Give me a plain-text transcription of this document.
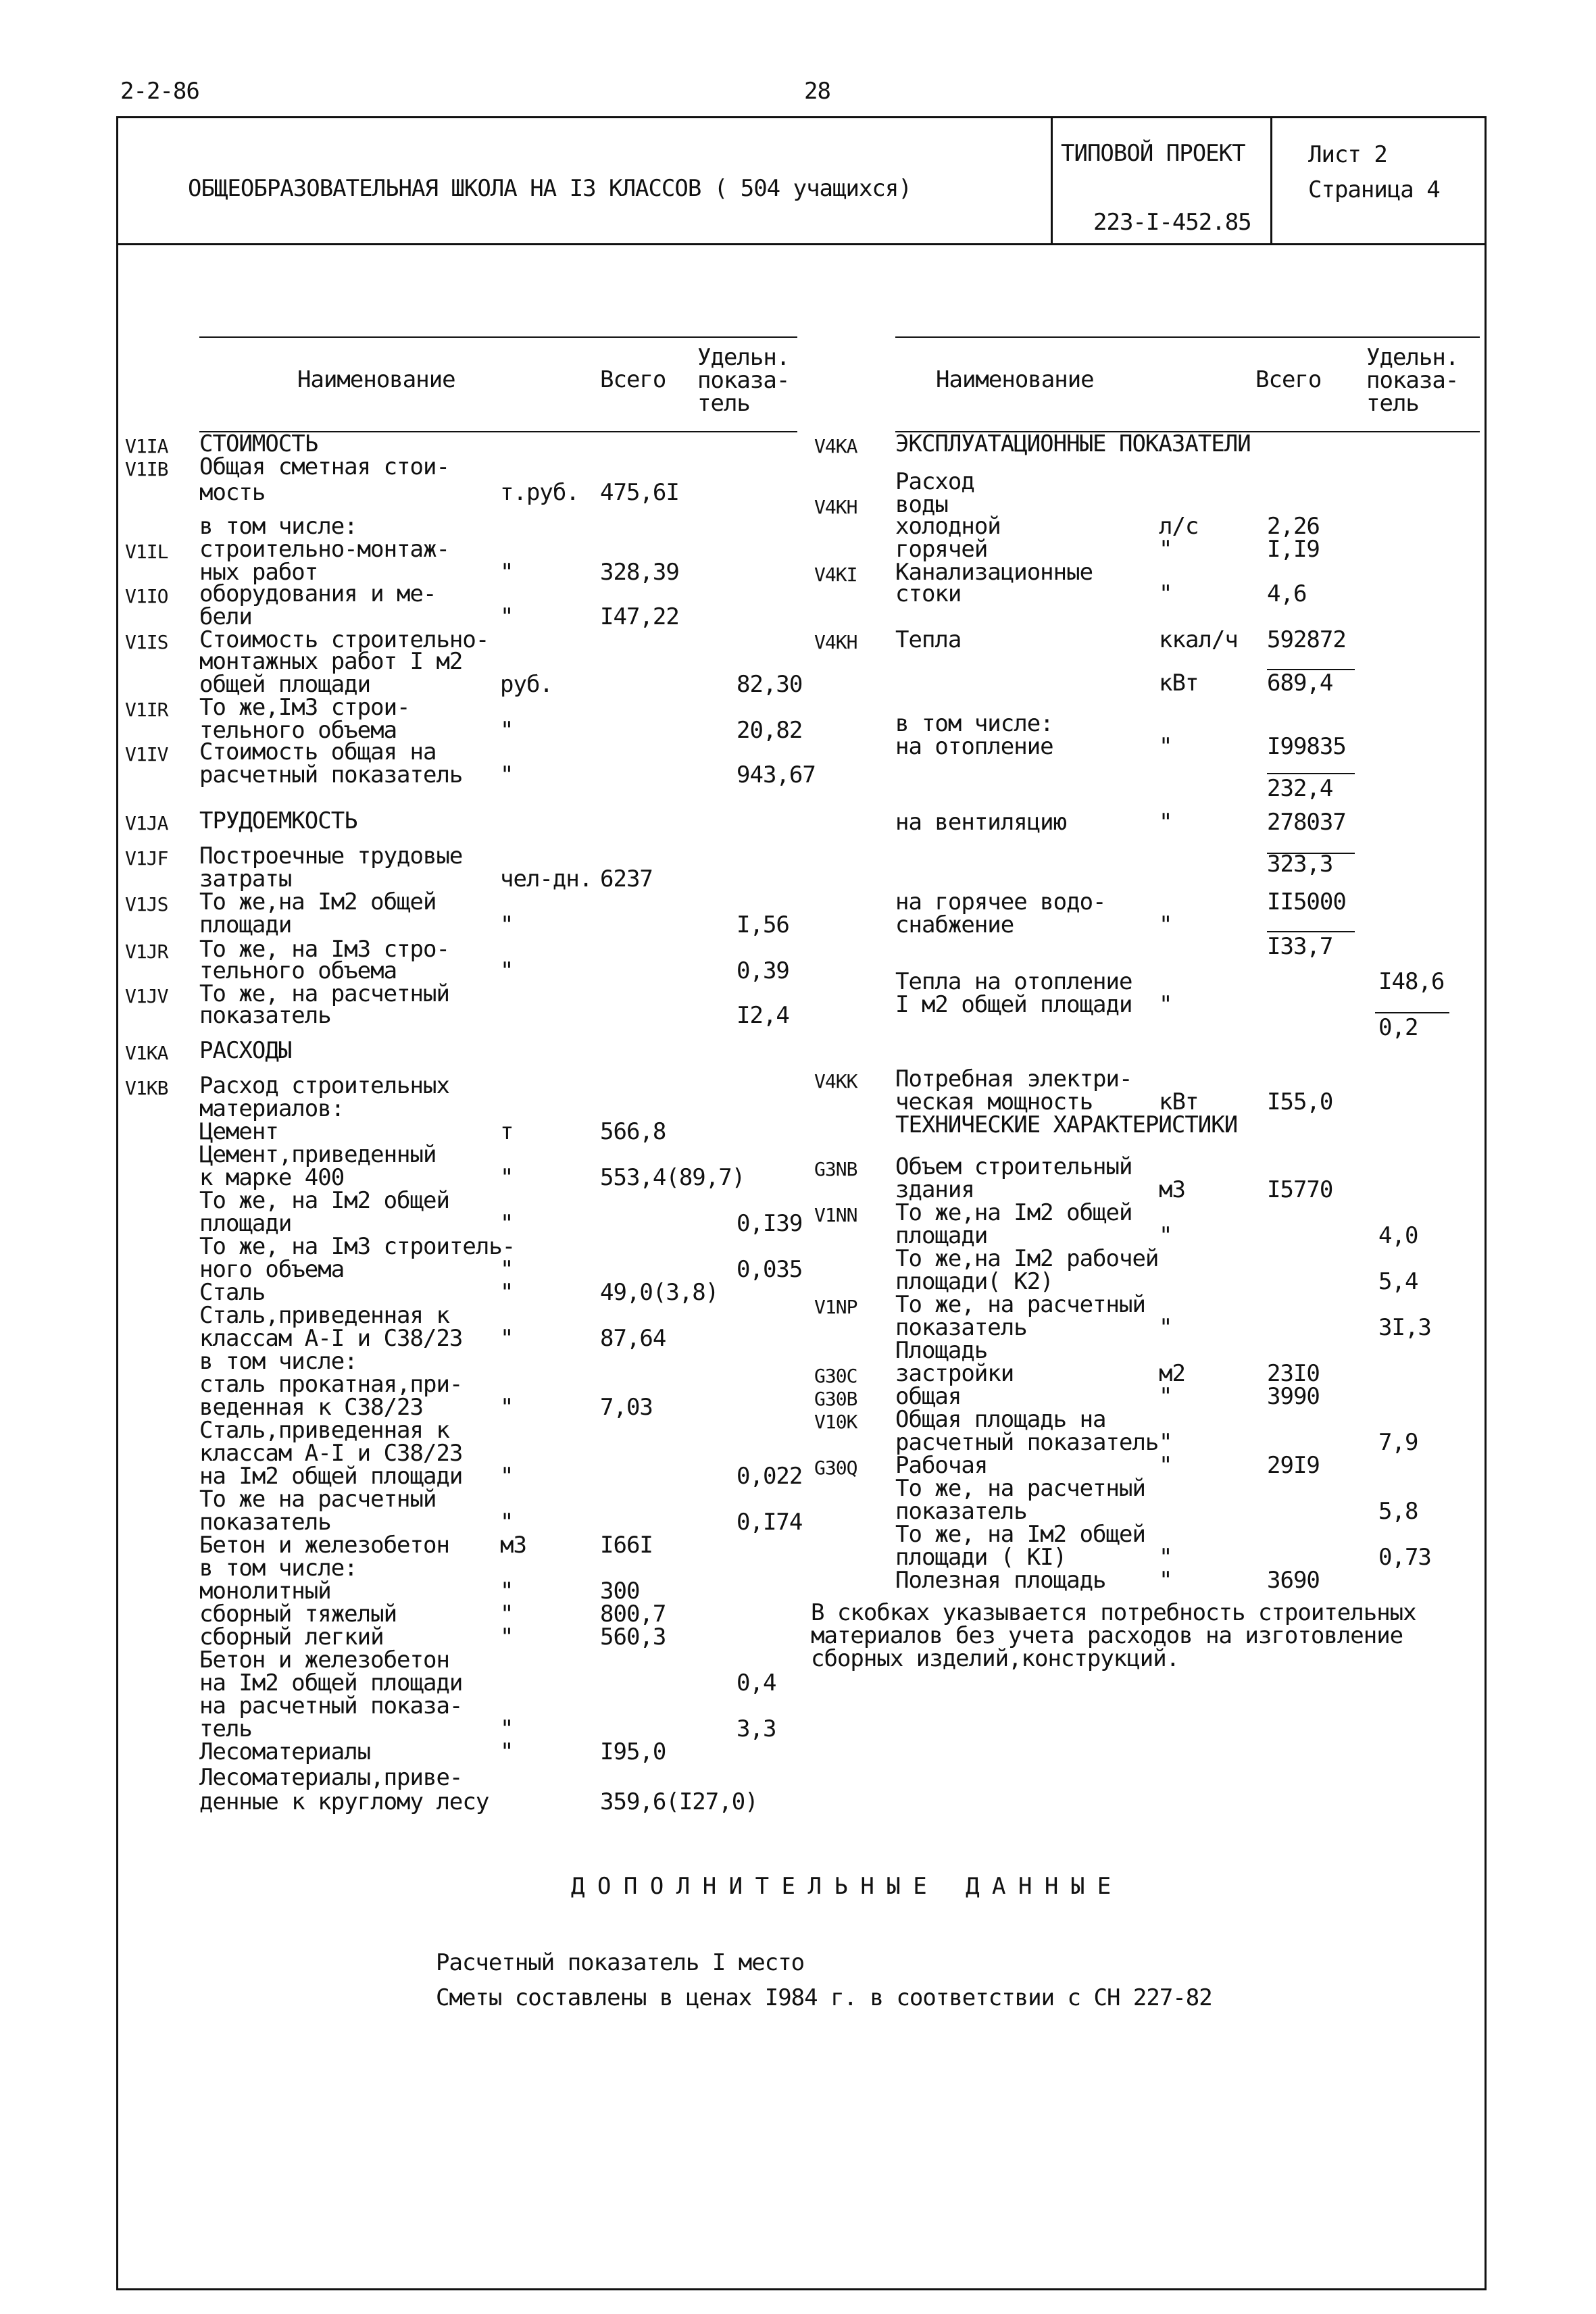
2-2-86	28
ОБЩЕОБРАЗОВАТЕЛЬНАЯ ШКОЛА НА I3 КЛАССОВ ( 504 учащихся)
ТИПОВОЙ ПРОЕКТ
223-I-452.85
Лист 2
Страница 4
Наименование	Всего
Удельн.
показа-
тель
Наименование	Всего
Удельн.
показа-
тель
V1IA СТОИМОСТЬ
V1IB Общая сметная стои-
мость	т.руб. 475,6I
в том числе:
V1IL строительно-монтаж-
ных работ	"	328,39
V1IO оборудования и ме-
бели	"	I47,22
V1IS Стоимость строительно-
монтажных работ I м2
общей площади	руб.	82,30
V1IR То же,Iм3 строи-
тельного объема	"	20,82
V1IV Стоимость общая на
расчетный показатель "	943,67
V1JA ТРУДОЕМКОСТЬ
V1JF Построечные трудовые
затраты	чел-дн. 6237
V1JS То же,на Iм2 общей
площади	"	I,56
V1JR То же, на Iм3 стро-
тельного объема	"	0,39
V1JV То же, на расчетный
показатель	I2,4
V1KA РАСХОДЫ
V1KB Расход строительных
материалов:
Цемент	т	566,8
Цемент,приведенный
к марке 400	"	553,4(89,7)
То же, на Iм2 общей
площади	"	0,I39
То же, на Iм3 строитель-
ного объема	"	0,035
Сталь	"	49,0(3,8)
Сталь,приведенная к
классам А-I и С38/23 "	87,64
в том числе:
сталь прокатная,при-
веденная к С38/23	"	7,03
Сталь,приведенная к
классам А-I и С38/23
на Iм2 общей площади "	0,022
То же на расчетный
показатель	"	0,I74
Бетон и железобетон м3	I66I
в том числе:
монолитный	"	300
сборный тяжелый	"	800,7
сборный легкий	"	560,3
Бетон и железобетон
на Iм2 общей площади	0,4
на расчетный показа-
тель	"	3,3
Лесоматериалы	"	I95,0
Лесоматериалы,приве-
денные к круглому лесу	359,6(I27,0)
V4KA ЭКСПЛУАТАЦИОННЫЕ ПОКАЗАТЕЛИ
Расход
V4KH воды
холодной	л/с	2,26
горячей	"	I,I9
V4KI Канализационные
стоки	"	4,6
V4KH Тепла	ккал/ч 592872
кВт	689,4
в том числе:
на отопление	"	I99835
232,4
на вентиляцию	"	278037
323,3
на горячее водо-	II5000
снабжение	"
I33,7
Тепла на отопление	I48,6
I м2 общей площади "
0,2
V4KK Потребная электри-
ческая мощность	кВт	I55,0
ТЕХНИЧЕСКИЕ ХАРАКТЕРИСТИКИ
G3NB Объем строительный
здания	м3	I5770
V1NN То же,на Iм2 общей
площади	"	4,0
То же,на Iм2 рабочей
площади( К2)	5,4
V1NP То же, на расчетный
показатель	"	3I,3
Площадь
G30C застройки	м2	23I0
G30B общая	"	3990
V10K Общая площадь на
расчетный показатель "	7,9
G30Q Рабочая	"	29I9
То же, на расчетный
показатель	5,8
То же, на Iм2 общей
площади ( КI)	"	0,73
Полезная площадь "	3690
В скобках указывается потребность строительных
материалов без учета расходов на изготовление
сборных изделий,конструкций.
Д О П О Л Н И Т Е Л Ь Н Ы Е   Д А Н Н Ы Е
Расчетный показатель I место
Сметы составлены в ценах I984 г. в соответствии с СН 227-82
